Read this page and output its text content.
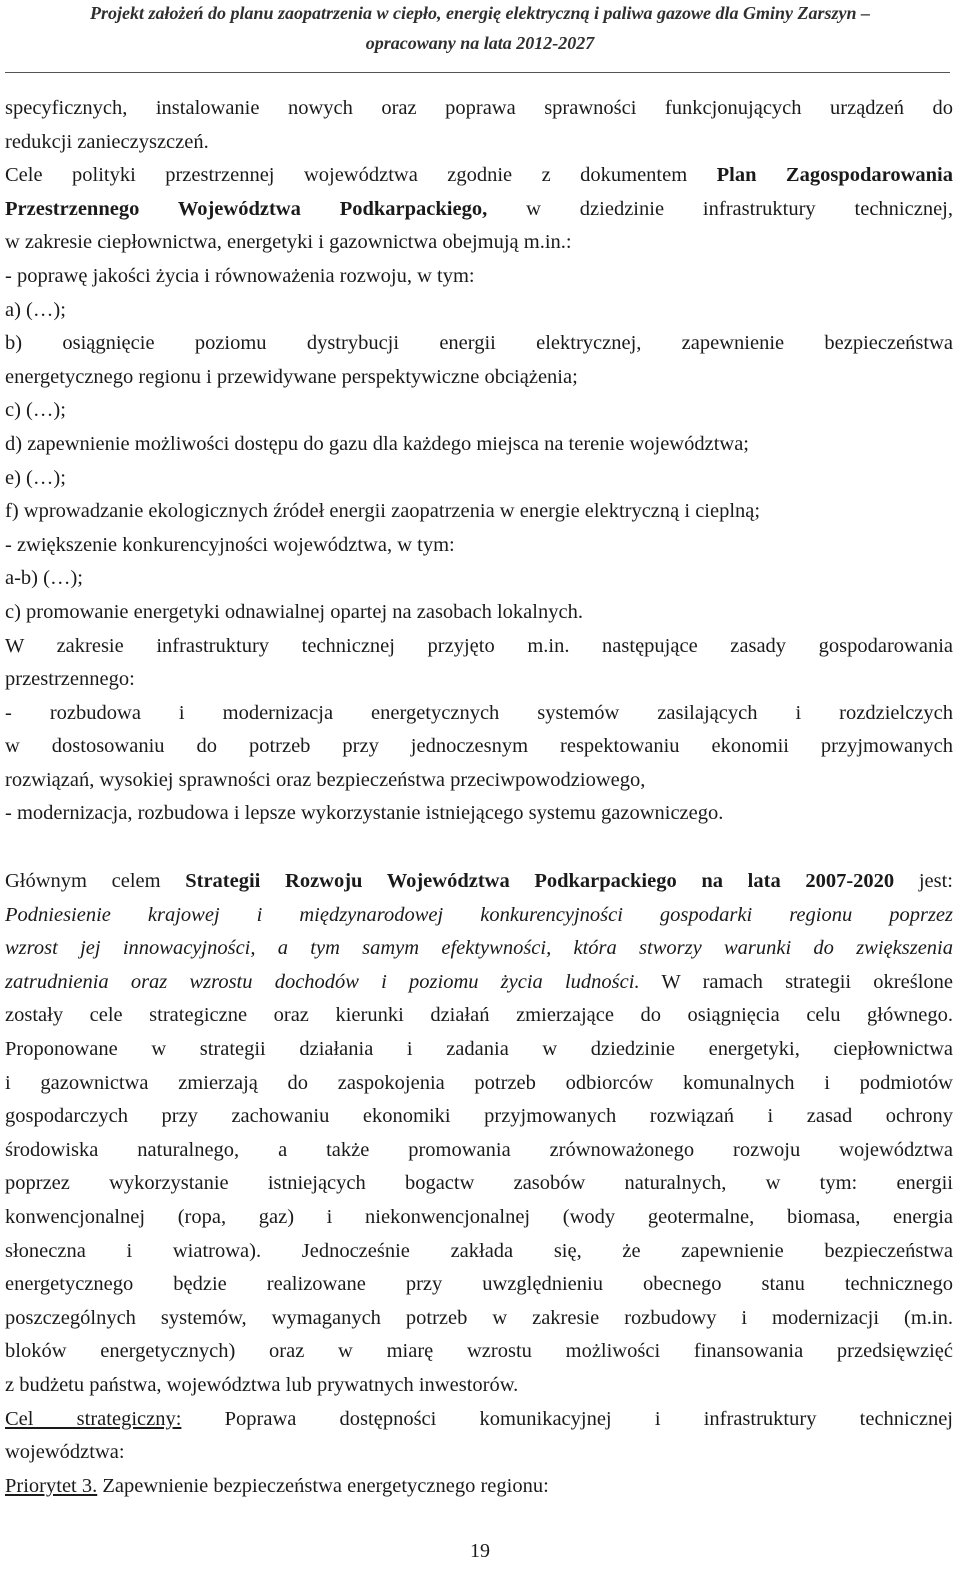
Projekt założeń do planu zaopatrzenia w ciepło, energię elektryczną i paliwa gazowe dla Gminy Zarszyn –
opracowany na lata 2012-2027

specyficznych, instalowanie nowych oraz poprawa sprawności funkcjonujących urządzeń do

redukcji zanieczyszczeń.

Cele polityki przestrzennej województwa zgodnie z dokumentem Plan Zagospodarowania

Przestrzennego Województwa Podkarpackiego, w dziedzinie infrastruktury technicznej,

w zakresie ciepłownictwa, energetyki i gazownictwa obejmują m.in.:

- poprawę jakości życia i równoważenia rozwoju, w tym:

a) (…);

b) osiągnięcie poziomu dystrybucji energii elektrycznej, zapewnienie bezpieczeństwa

energetycznego regionu i przewidywane perspektywiczne obciążenia;

c) (…);

d) zapewnienie możliwości dostępu do gazu dla każdego miejsca na terenie województwa;

e) (…);

f) wprowadzanie ekologicznych źródeł energii zaopatrzenia w energie elektryczną i cieplną;

- zwiększenie konkurencyjności województwa, w tym:

a-b) (…);

c) promowanie energetyki odnawialnej opartej na zasobach lokalnych.

W zakresie infrastruktury technicznej przyjęto m.in. następujące zasady gospodarowania

przestrzennego:

- rozbudowa i modernizacja energetycznych systemów zasilających i rozdzielczych

w dostosowaniu do potrzeb przy jednoczesnym respektowaniu ekonomii przyjmowanych

rozwiązań, wysokiej sprawności oraz bezpieczeństwa przeciwpowodziowego,

- modernizacja, rozbudowa i lepsze wykorzystanie istniejącego systemu gazowniczego.

Głównym celem Strategii Rozwoju Województwa Podkarpackiego na lata 2007-2020 jest:

Podniesienie krajowej i międzynarodowej konkurencyjności gospodarki regionu poprzez

wzrost jej innowacyjności, a tym samym efektywności, która stworzy warunki do zwiększenia

zatrudnienia oraz wzrostu dochodów i poziomu życia ludności. W ramach strategii określone

zostały cele strategiczne oraz kierunki działań zmierzające do osiągnięcia celu głównego.

Proponowane w strategii działania i zadania w dziedzinie energetyki, ciepłownictwa

i gazownictwa zmierzają do zaspokojenia potrzeb odbiorców komunalnych i podmiotów

gospodarczych przy zachowaniu ekonomiki przyjmowanych rozwiązań i zasad ochrony

środowiska naturalnego, a także promowania zrównoważonego rozwoju województwa

poprzez wykorzystanie istniejących bogactw zasobów naturalnych, w tym: energii

konwencjonalnej (ropa, gaz) i niekonwencjonalnej (wody geotermalne, biomasa, energia

słoneczna i wiatrowa). Jednocześnie zakłada się, że zapewnienie bezpieczeństwa

energetycznego będzie realizowane przy uwzględnieniu obecnego stanu technicznego

poszczególnych systemów, wymaganych potrzeb w zakresie rozbudowy i modernizacji (m.in.

bloków energetycznych) oraz w miarę wzrostu możliwości finansowania przedsięwzięć

z budżetu państwa, województwa lub prywatnych inwestorów.

Cel strategiczny: Poprawa dostępności komunikacyjnej i infrastruktury technicznej

województwa:

Priorytet 3. Zapewnienie bezpieczeństwa energetycznego regionu:

19
